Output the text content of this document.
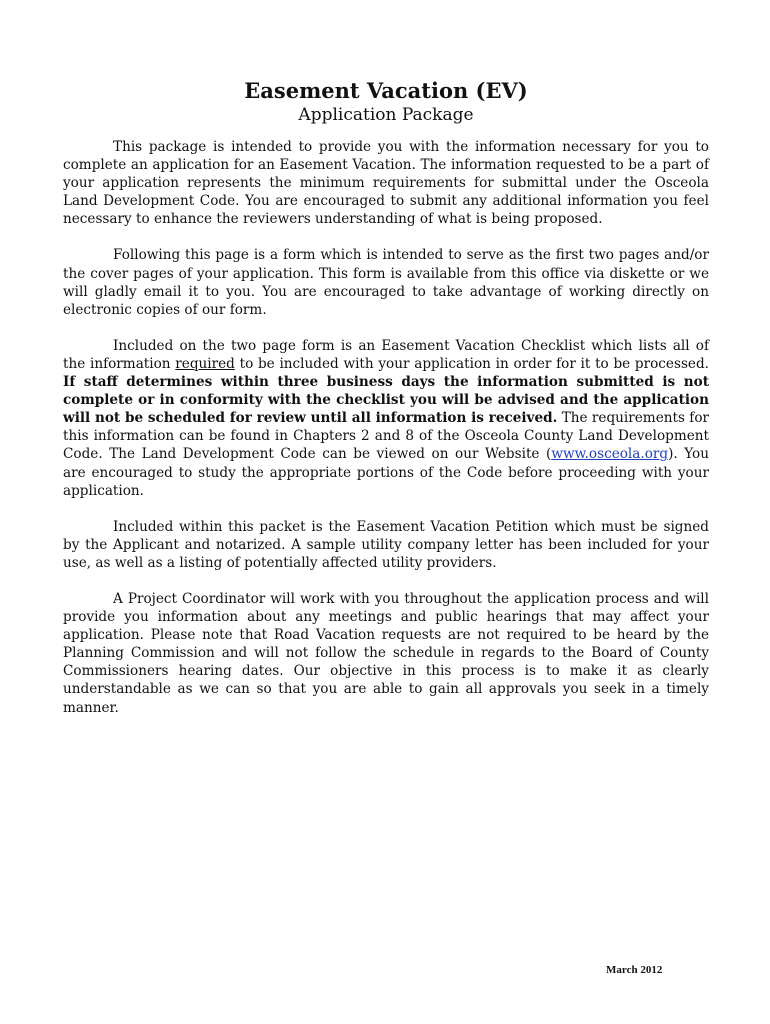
Easement Vacation (EV)
Application Package

This package is intended to provide you with the information necessary for you to complete an application for an Easement Vacation. The information requested to be a part of your application represents the minimum requirements for submittal under the Osceola Land Development Code. You are encouraged to submit any additional information you feel necessary to enhance the reviewers understanding of what is being proposed.

Following this page is a form which is intended to serve as the first two pages and/or the cover pages of your application. This form is available from this office via diskette or we will gladly email it to you. You are encouraged to take advantage of working directly on electronic copies of our form.

Included on the two page form is an Easement Vacation Checklist which lists all of the information required to be included with your application in order for it to be processed. If staff determines within three business days the information submitted is not complete or in conformity with the checklist you will be advised and the application will not be scheduled for review until all information is received. The requirements for this information can be found in Chapters 2 and 8 of the Osceola County Land Development Code. The Land Development Code can be viewed on our Website (www.osceola.org). You are encouraged to study the appropriate portions of the Code before proceeding with your application.

Included within this packet is the Easement Vacation Petition which must be signed by the Applicant and notarized. A sample utility company letter has been included for your use, as well as a listing of potentially affected utility providers.

A Project Coordinator will work with you throughout the application process and will provide you information about any meetings and public hearings that may affect your application. Please note that Road Vacation requests are not required to be heard by the Planning Commission and will not follow the schedule in regards to the Board of County Commissioners hearing dates. Our objective in this process is to make it as clearly understandable as we can so that you are able to gain all approvals you seek in a timely manner.

March 2012
